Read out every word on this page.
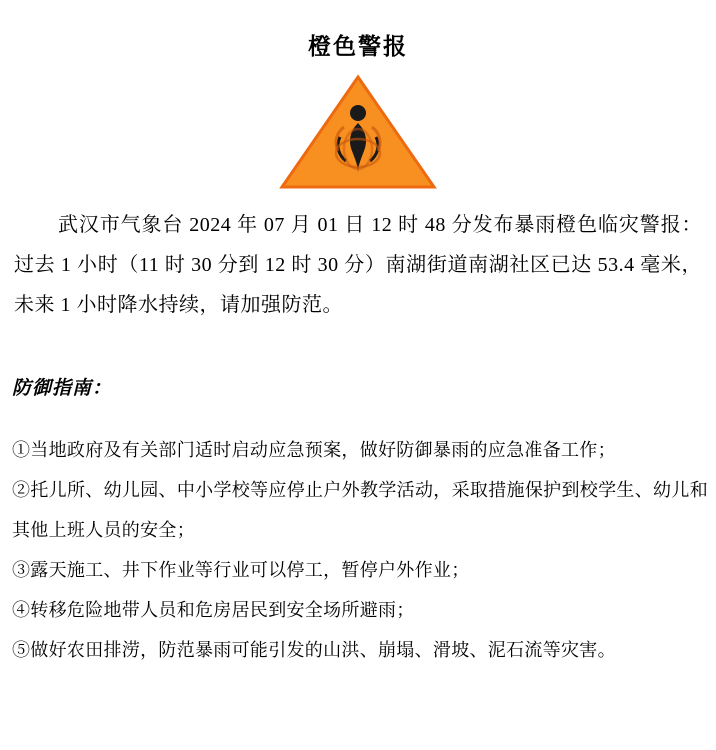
橙色警报

武汉市气象台 2024 年 07 月 01 日 12 时 48 分发布暴雨橙色临灾警报：过去 1 小时（11 时 30 分到 12 时 30 分）南湖街道南湖社区已达 53.4 毫米，未来 1 小时降水持续，请加强防范。

防御指南：
①当地政府及有关部门适时启动应急预案，做好防御暴雨的应急准备工作；
②托儿所、幼儿园、中小学校等应停止户外教学活动，采取措施保护到校学生、幼儿和其他上班人员的安全；
③露天施工、井下作业等行业可以停工，暂停户外作业；
④转移危险地带人员和危房居民到安全场所避雨；
⑤做好农田排涝，防范暴雨可能引发的山洪、崩塌、滑坡、泥石流等灾害。
